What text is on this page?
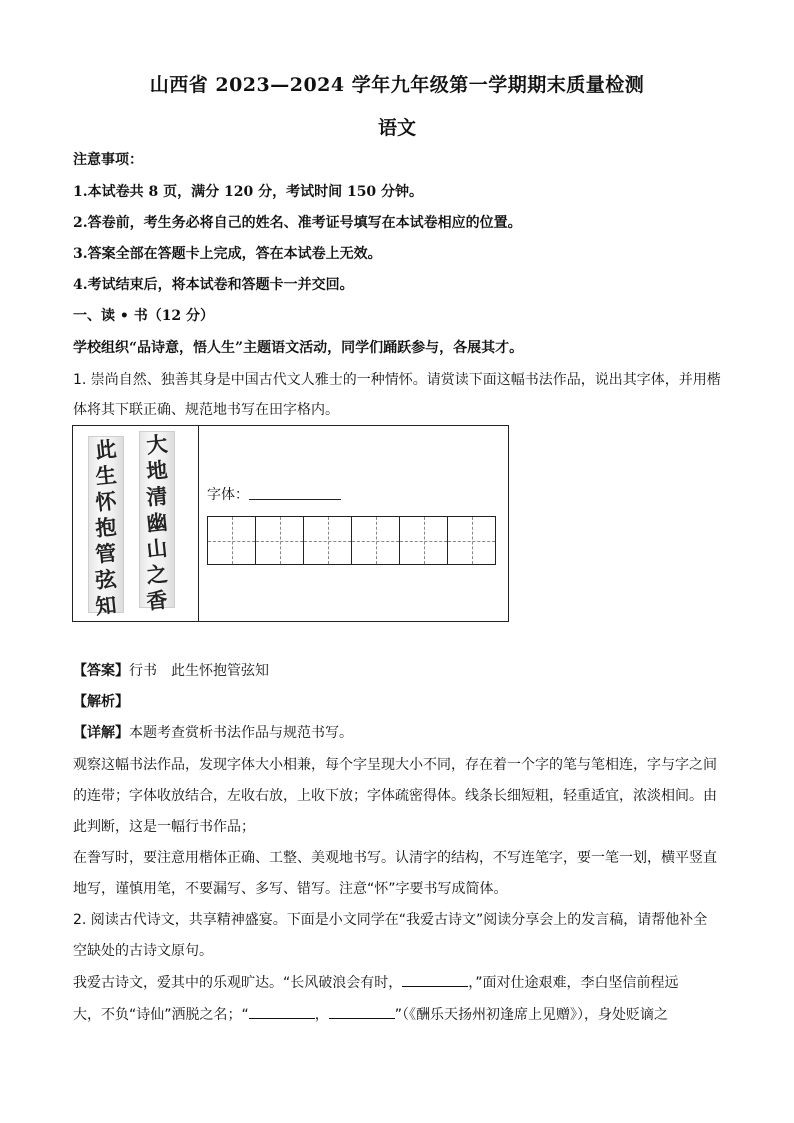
山西省 2023—2024 学年九年级第一学期期末质量检测
语文
注意事项：
1.本试卷共 8 页，满分 120 分，考试时间 150 分钟。
2.答卷前，考生务必将自己的姓名、准考证号填写在本试卷相应的位置。
3.答案全部在答题卡上完成，答在本试卷上无效。
4.考试结束后，将本试卷和答题卡一并交回。
一、读 • 书（12 分）
学校组织“品诗意，悟人生”主题语文活动，同学们踊跃参与，各展其才。
1. 崇尚自然、独善其身是中国古代文人雅士的一种情怀。请赏读下面这幅书法作品，说出其字体，并用楷
体将其下联正确、规范地书写在田字格内。
此
生
怀
抱
管
弦
知
大
地
清
幽
山
之
香
字体：
【答案】行书　此生怀抱管弦知
【解析】
【详解】本题考查赏析书法作品与规范书写。
观察这幅书法作品，发现字体大小相兼，每个字呈现大小不同，存在着一个字的笔与笔相连，字与字之间
的连带；字体收放结合，左收右放，上收下放；字体疏密得体。线条长细短粗，轻重适宜，浓淡相间。由
此判断，这是一幅行书作品；
在誊写时，要注意用楷体正确、工整、美观地书写。认清字的结构，不写连笔字，要一笔一划，横平竖直
地写，谨慎用笔，不要漏写、多写、错写。注意“怀”字要书写成简体。
2. 阅读古代诗文，共享精神盛宴。下面是小文同学在“我爱古诗文”阅读分享会上的发言稿，请帮他补全
空缺处的古诗文原句。
我爱古诗文，爱其中的乐观旷达。“长风破浪会有时，	，”面对仕途艰难，李白坚信前程远
大，不负“诗仙”洒脱之名；“	，	”（《酬乐天扬州初逢席上见赠》），身处贬谪之
